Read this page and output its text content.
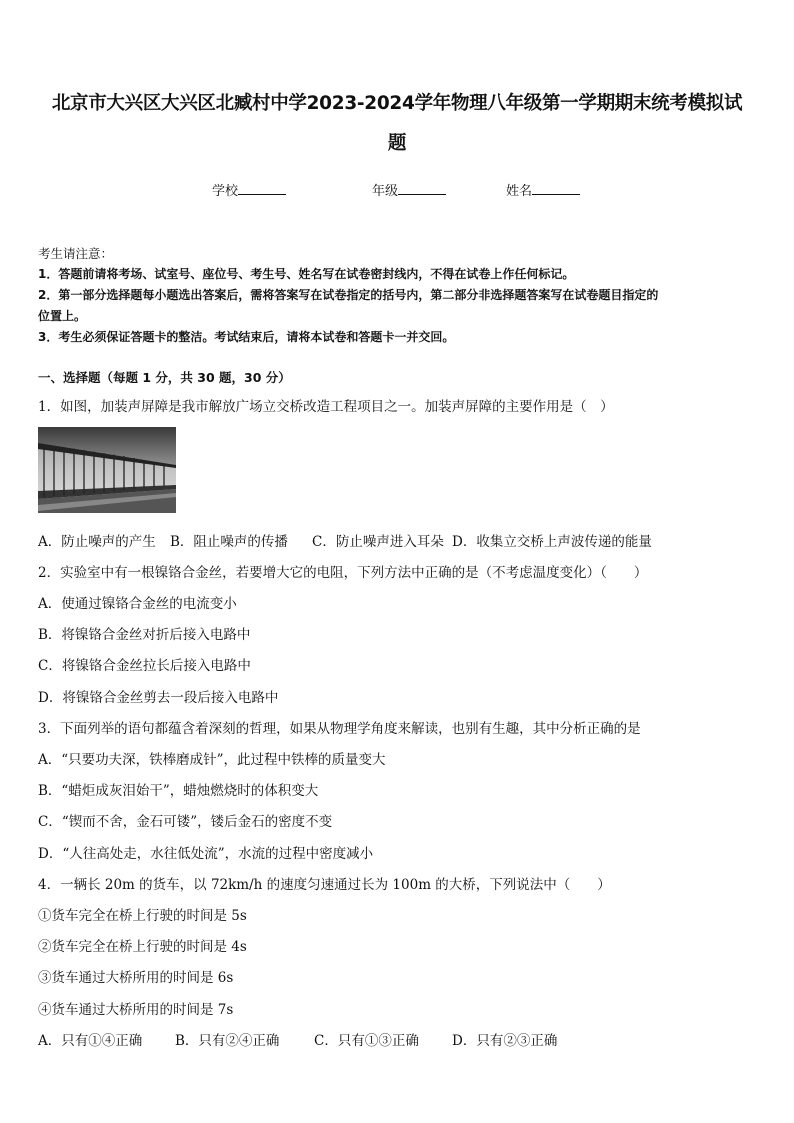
北京市大兴区大兴区北臧村中学2023-2024学年物理八年级第一学期期末统考模拟试
题
学校	年级	姓名

考生请注意：

1．答题前请将考场、试室号、座位号、考生号、姓名写在试卷密封线内，不得在试卷上作任何标记。

2．第一部分选择题每小题选出答案后，需将答案写在试卷指定的括号内，第二部分非选择题答案写在试卷题目指定的

位置上。

3．考生必须保证答题卡的整洁。考试结束后，请将本试卷和答题卡一并交回。

一、选择题（每题 1 分，共 30 题，30 分）
1．如图，加装声屏障是我市解放广场立交桥改造工程项目之一。加装声屏障的主要作用是（　）
A．防止噪声的产生 B．阻止噪声的传播 C．防止噪声进入耳朵 D．收集立交桥上声波传递的能量
2．实验室中有一根镍铬合金丝，若要增大它的电阻，下列方法中正确的是（不考虑温度变化）（　　）
A．使通过镍铬合金丝的电流变小
B．将镍铬合金丝对折后接入电路中
C．将镍铬合金丝拉长后接入电路中
D．将镍铬合金丝剪去一段后接入电路中
3．下面列举的语句都蕴含着深刻的哲理，如果从物理学角度来解读，也别有生趣，其中分析正确的是
A．“只要功夫深，铁棒磨成针”，此过程中铁棒的质量变大
B．“蜡炬成灰泪始干”，蜡烛燃烧时的体积变大
C．“锲而不舍，金石可镂”，镂后金石的密度不变
D．“人往高处走，水往低处流”，水流的过程中密度减小
4．一辆长 20m 的货车，以 72km/h 的速度匀速通过长为 100m 的大桥，下列说法中（　　）
①货车完全在桥上行驶的时间是 5s
②货车完全在桥上行驶的时间是 4s
③货车通过大桥所用的时间是 6s
④货车通过大桥所用的时间是 7s
A．只有①④正确 B．只有②④正确	C．只有①③正确 D．只有②③正确
